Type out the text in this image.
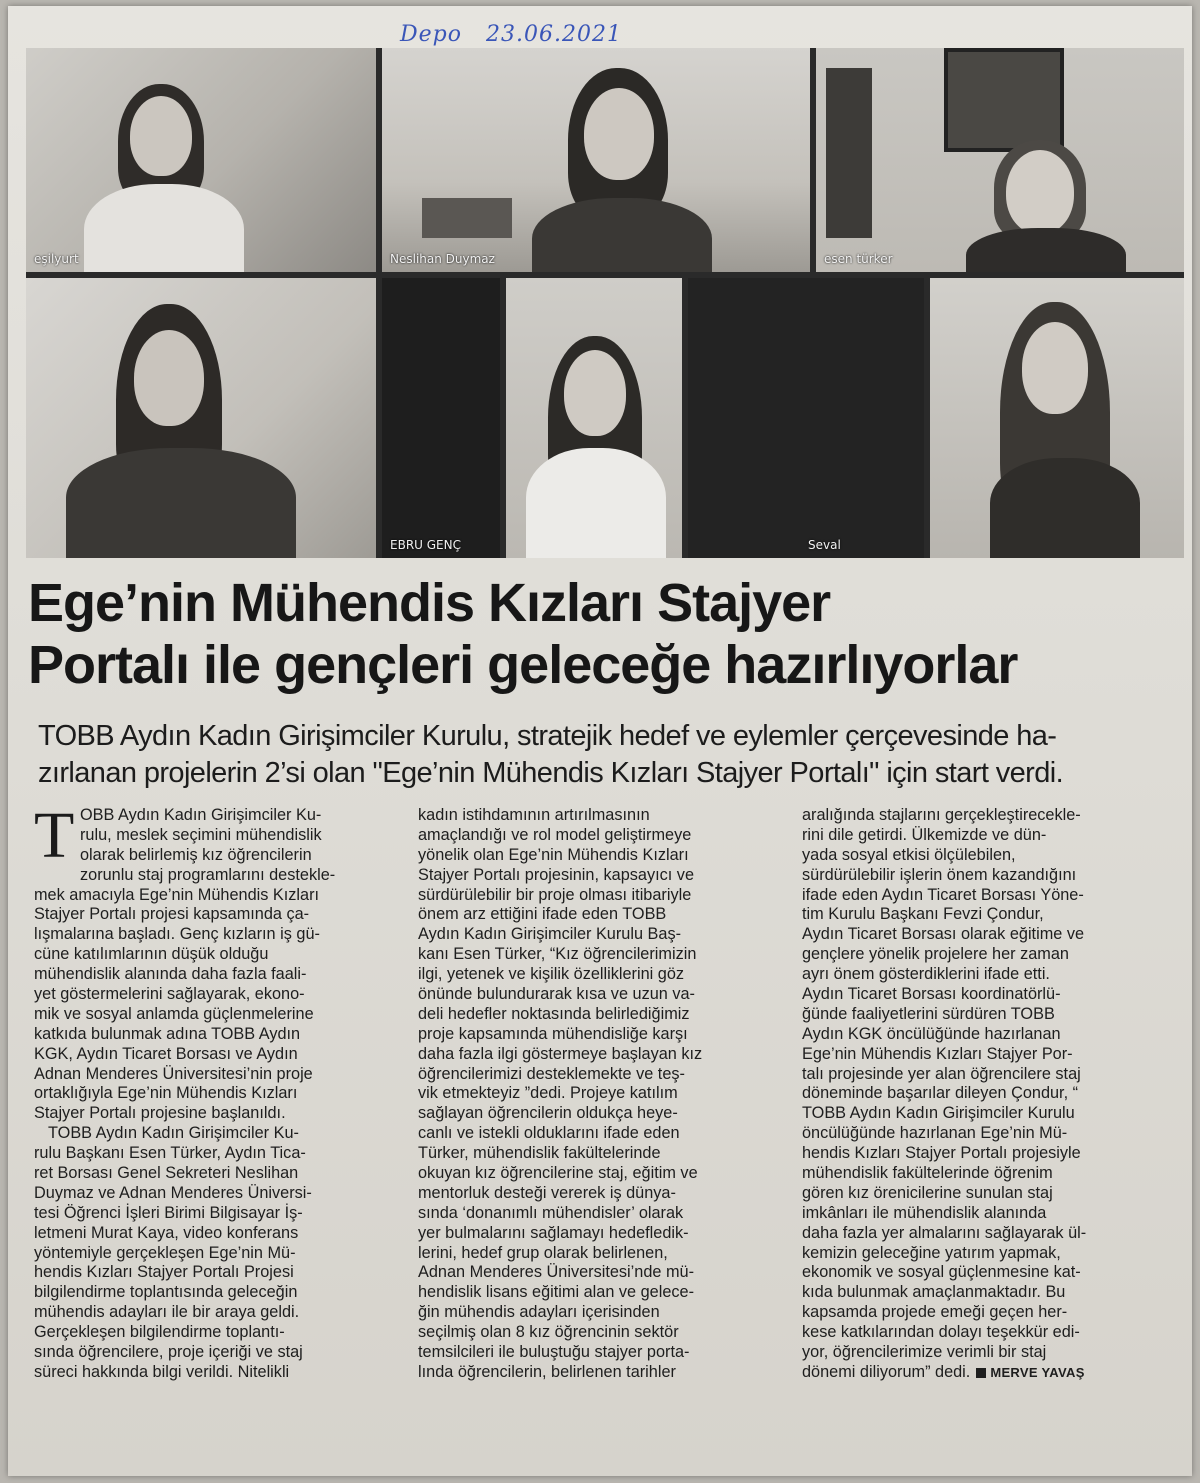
Depo 23.06.2021
eşilyurt	Neslihan Duymaz	esen türker
EBRU GENÇ	Seval
Ege’nin Mühendis Kızları Stajyer
Portalı ile gençleri geleceğe hazırlıyorlar
TOBB Aydın Kadın Girişimciler Kurulu, stratejik hedef ve eylemler çerçevesinde ha-
zırlanan projelerin 2’si olan "Ege’nin Mühendis Kızları Stajyer Portalı" için start verdi.
T OBB Aydın Kadın Girişimciler Ku-
rulu, meslek seçimini mühendislik
olarak belirlemiş kız öğrencilerin
zorunlu staj programlarını destekle-
mek amacıyla Ege’nin Mühendis Kızları
Stajyer Portalı projesi kapsamında ça-
lışmalarına başladı. Genç kızların iş gü-
cüne katılımlarının düşük olduğu
mühendislik alanında daha fazla faali-
yet göstermelerini sağlayarak, ekono-
mik ve sosyal anlamda güçlenmelerine
katkıda bulunmak adına TOBB Aydın
KGK, Aydın Ticaret Borsası ve Aydın
Adnan Menderes Üniversitesi’nin proje
ortaklığıyla Ege’nin Mühendis Kızları
Stajyer Portalı projesine başlanıldı.
TOBB Aydın Kadın Girişimciler Ku-
rulu Başkanı Esen Türker, Aydın Tica-
ret Borsası Genel Sekreteri Neslihan
Duymaz ve Adnan Menderes Üniversi-
tesi Öğrenci İşleri Birimi Bilgisayar İş-
letmeni Murat Kaya, video konferans
yöntemiyle gerçekleşen Ege’nin Mü-
hendis Kızları Stajyer Portalı Projesi
bilgilendirme toplantısında geleceğin
mühendis adayları ile bir araya geldi.
Gerçekleşen bilgilendirme toplantı-
sında öğrencilere, proje içeriği ve staj
süreci hakkında bilgi verildi. Nitelikli
kadın istihdamının artırılmasının
amaçlandığı ve rol model geliştirmeye
yönelik olan Ege’nin Mühendis Kızları
Stajyer Portalı projesinin, kapsayıcı ve
sürdürülebilir bir proje olması itibariyle
önem arz ettiğini ifade eden TOBB
Aydın Kadın Girişimciler Kurulu Baş-
kanı Esen Türker, “Kız öğrencilerimizin
ilgi, yetenek ve kişilik özelliklerini göz
önünde bulundurarak kısa ve uzun va-
deli hedefler noktasında belirlediğimiz
proje kapsamında mühendisliğe karşı
daha fazla ilgi göstermeye başlayan kız
öğrencilerimizi desteklemekte ve teş-
vik etmekteyiz ”dedi. Projeye katılım
sağlayan öğrencilerin oldukça heye-
canlı ve istekli olduklarını ifade eden
Türker, mühendislik fakültelerinde
okuyan kız öğrencilerine staj, eğitim ve
mentorluk desteği vererek iş dünya-
sında ‘donanımlı mühendisler’ olarak
yer bulmalarını sağlamayı hedefledik-
lerini, hedef grup olarak belirlenen,
Adnan Menderes Üniversitesi’nde mü-
hendislik lisans eğitimi alan ve gelece-
ğin mühendis adayları içerisinden
seçilmiş olan 8 kız öğrencinin sektör
temsilcileri ile buluştuğu stajyer porta-
lında öğrencilerin, belirlenen tarihler
aralığında stajlarını gerçekleştirecekle-
rini dile getirdi. Ülkemizde ve dün-
yada sosyal etkisi ölçülebilen,
sürdürülebilir işlerin önem kazandığını
ifade eden Aydın Ticaret Borsası Yöne-
tim Kurulu Başkanı Fevzi Çondur,
Aydın Ticaret Borsası olarak eğitime ve
gençlere yönelik projelere her zaman
ayrı önem gösterdiklerini ifade etti.
Aydın Ticaret Borsası koordinatörlü-
ğünde faaliyetlerini sürdüren TOBB
Aydın KGK öncülüğünde hazırlanan
Ege’nin Mühendis Kızları Stajyer Por-
talı projesinde yer alan öğrencilere staj
döneminde başarılar dileyen Çondur, “
TOBB Aydın Kadın Girişimciler Kurulu
öncülüğünde hazırlanan Ege’nin Mü-
hendis Kızları Stajyer Portalı projesiyle
mühendislik fakültelerinde öğrenim
gören kız örenicilerine sunulan staj
imkânları ile mühendislik alanında
daha fazla yer almalarını sağlayarak ül-
kemizin geleceğine yatırım yapmak,
ekonomik ve sosyal güçlenmesine kat-
kıda bulunmak amaçlanmaktadır. Bu
kapsamda projede emeği geçen her-
kese katkılarından dolayı teşekkür edi-
yor, öğrencilerimize verimli bir staj
dönemi diliyorum” dedi. MERVE YAVAŞ
